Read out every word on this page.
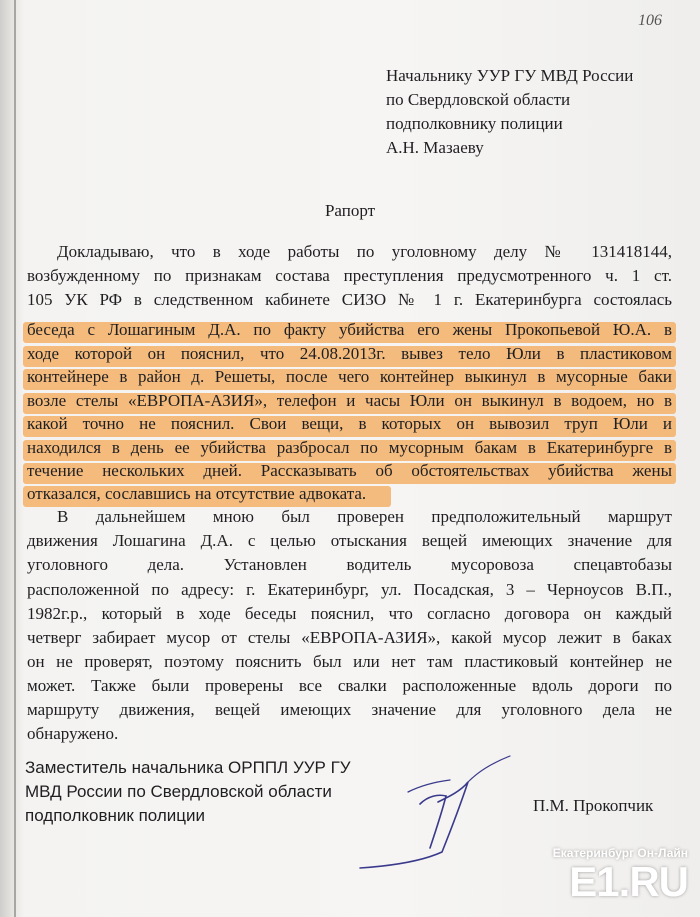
106
Начальнику УУР ГУ МВД России
по Свердловской области
подполковнику полиции
А.Н. Мазаеву
Рапорт
Докладываю, что в ходе работы по уголовному делу № 131418144,
возбужденному по признакам состава преступления предусмотренного ч. 1 ст.
105 УК РФ в следственном кабинете СИЗО № 1 г. Екатеринбурга состоялась
беседа с Лошагиным Д.А. по факту убийства его жены Прокопьевой Ю.А. в
ходе которой он пояснил, что 24.08.2013г. вывез тело Юли в пластиковом
контейнере в район д. Решеты, после чего контейнер выкинул в мусорные баки
возле стелы «ЕВРОПА-АЗИЯ», телефон и часы Юли он выкинул в водоем, но в
какой точно не пояснил. Свои вещи, в которых он вывозил труп Юли и
находился в день ее убийства разбросал по мусорным бакам в Екатеринбурге в
течение нескольких дней. Рассказывать об обстоятельствах убийства жены
отказался, сославшись на отсутствие адвоката.
В дальнейшем мною был проверен предположительный маршрут
движения Лошагина Д.А. с целью отыскания вещей имеющих значение для
уголовного дела. Установлен водитель мусоровоза спецавтобазы
расположенной по адресу: г. Екатеринбург, ул. Посадская, 3 – Черноусов В.П.,
1982г.р., который в ходе беседы пояснил, что согласно договора он каждый
четверг забирает мусор от стелы «ЕВРОПА-АЗИЯ», какой мусор лежит в баках
он не проверят, поэтому пояснить был или нет там пластиковый контейнер не
может. Также были проверены все свалки расположенные вдоль дороги по
маршруту движения, вещей имеющих значение для уголовного дела не
обнаружено.
Заместитель начальника ОРППЛ УУР ГУ
МВД России по Свердловской области
подполковник полиции
П.М. Прокопчик
Екатеринбург Он-Лайн
E1.RU
